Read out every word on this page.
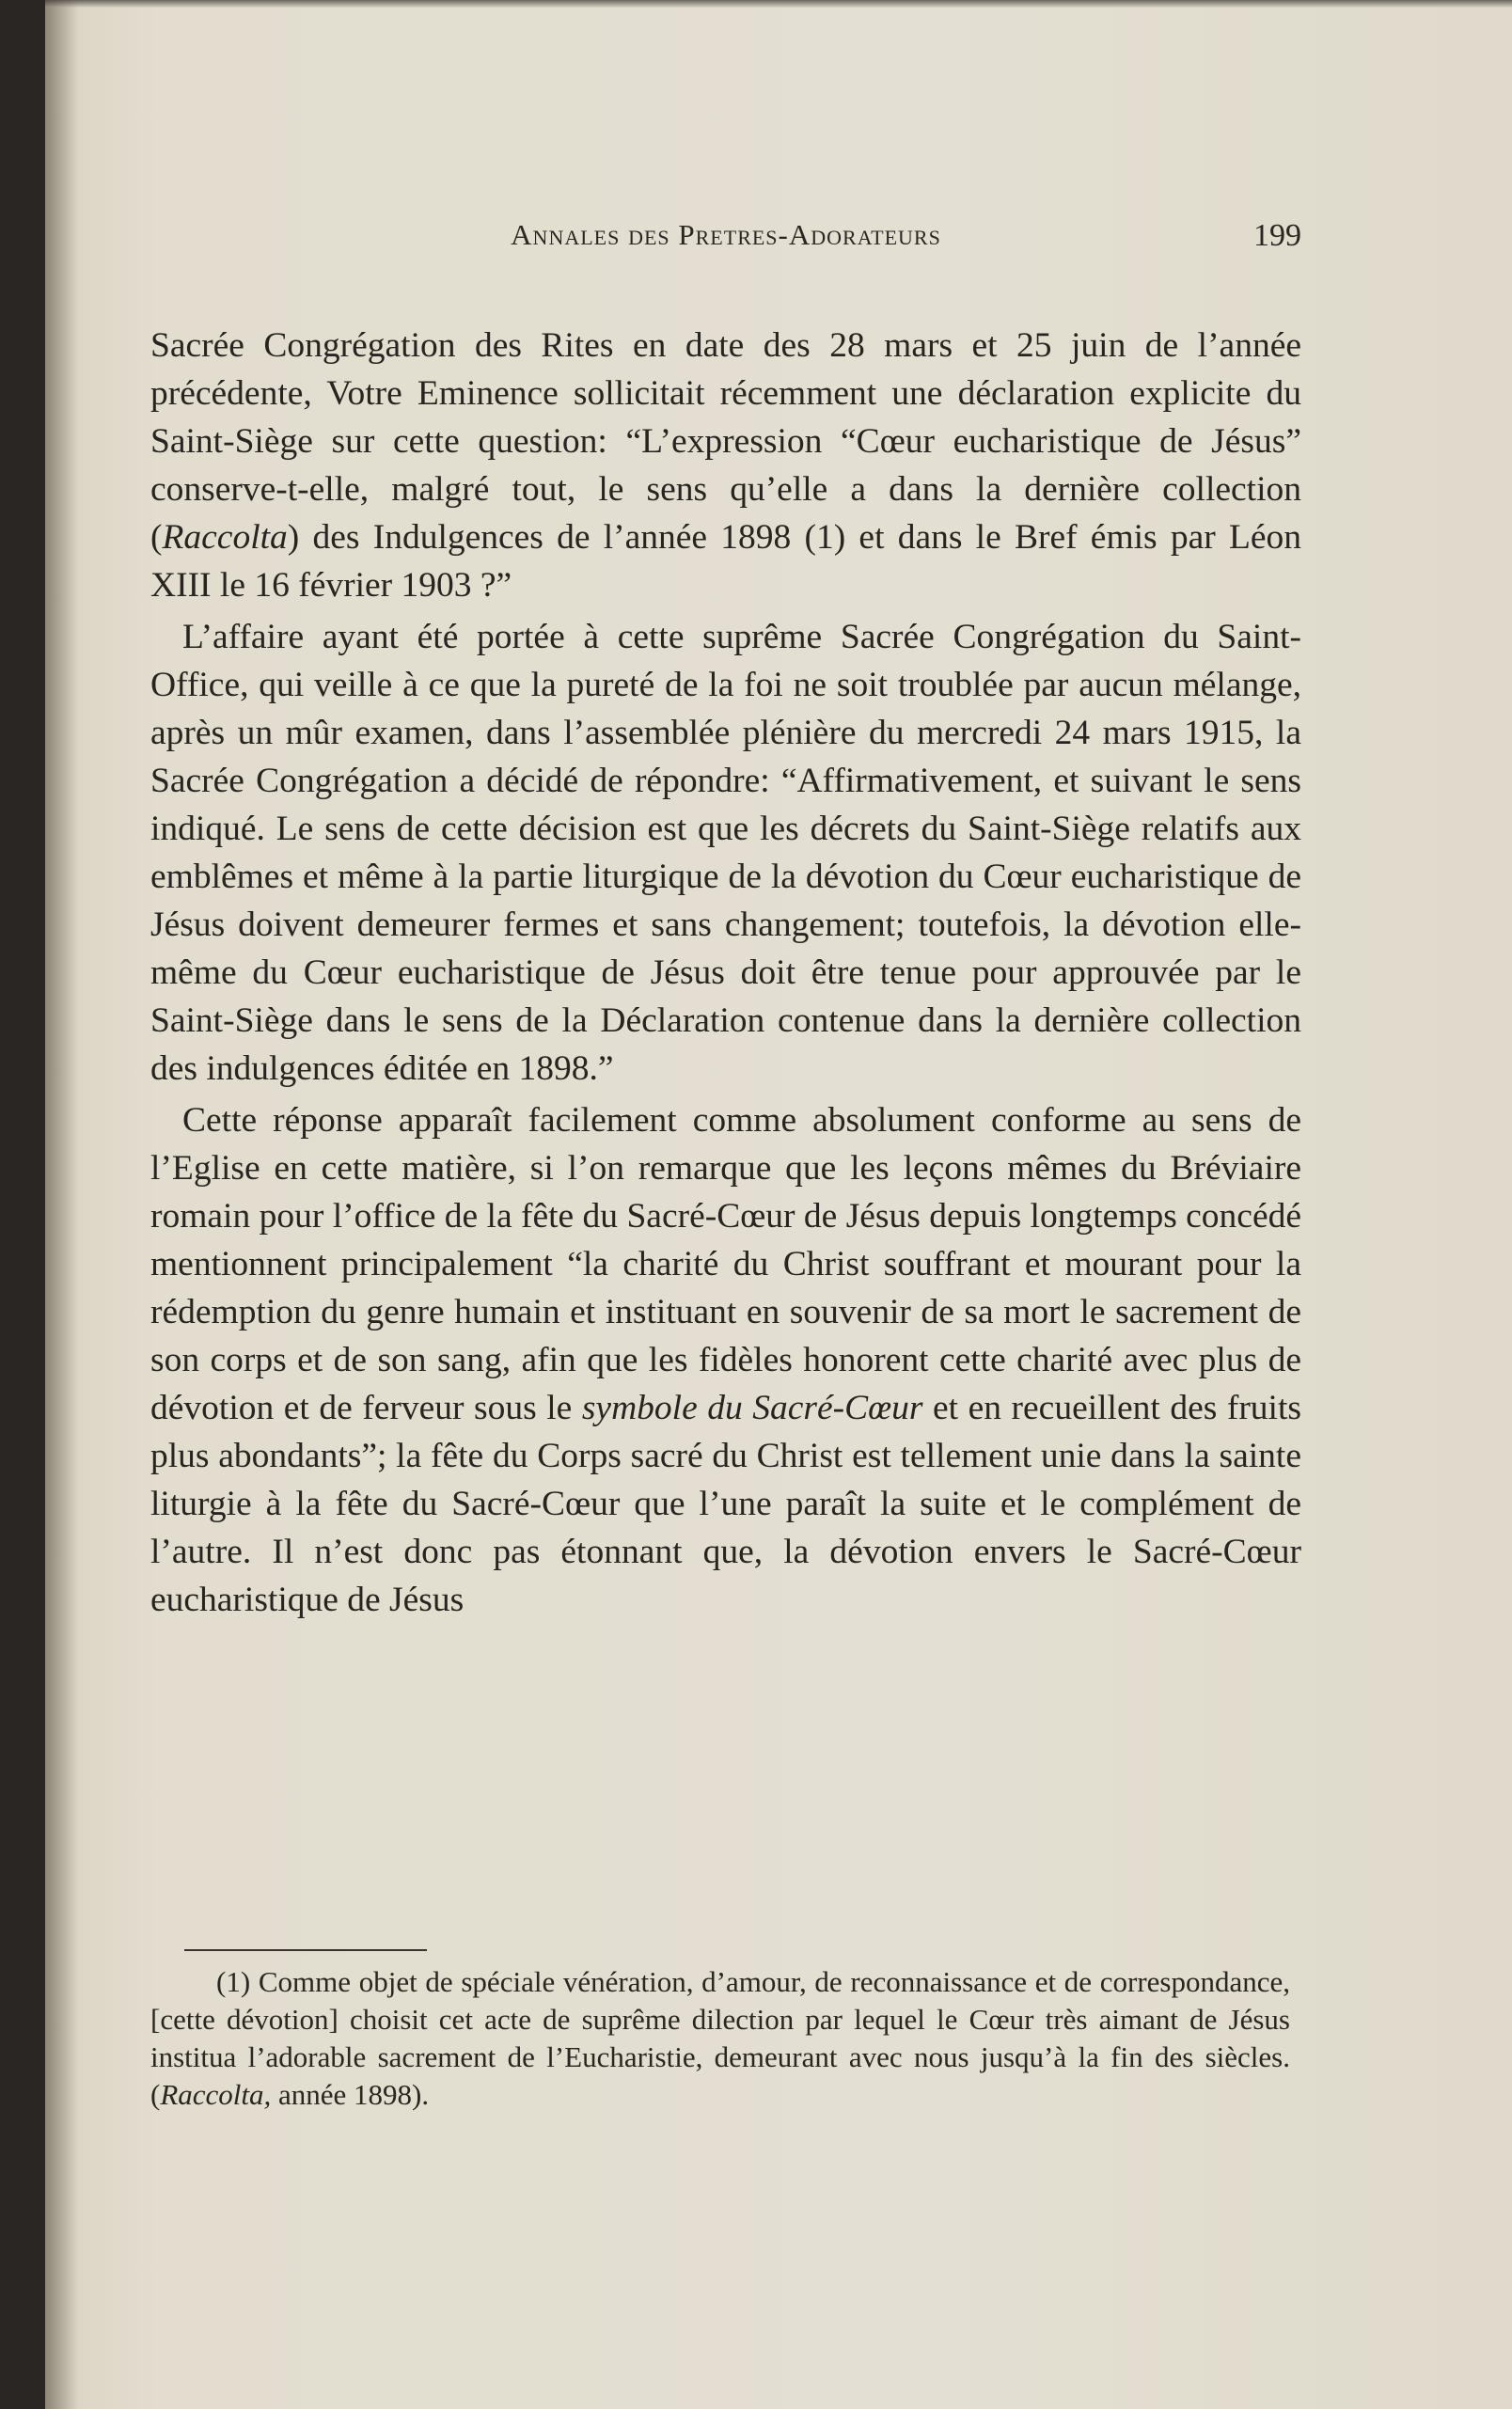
Annales des Pretres-Adorateurs	199

Sacrée Congrégation des Rites en date des 28 mars et 25 juin de l’année précédente, Votre Eminence sollicitait récemment une déclaration explicite du Saint-Siège sur cette question: “L’expression “Cœur eucharistique de Jésus” conserve-t-elle, malgré tout, le sens qu’elle a dans la dernière collection (Raccolta) des Indulgences de l’année 1898 (1) et dans le Bref émis par Léon XIII le 16 février 1903 ?”

L’affaire ayant été portée à cette suprême Sacrée Congrégation du Saint-Office, qui veille à ce que la pureté de la foi ne soit troublée par aucun mélange, après un mûr examen, dans l’assemblée plénière du mercredi 24 mars 1915, la Sacrée Congrégation a décidé de répondre: “Affirmativement, et suivant le sens indiqué. Le sens de cette décision est que les décrets du Saint-Siège relatifs aux emblêmes et même à la partie liturgique de la dévotion du Cœur eucharistique de Jésus doivent demeurer fermes et sans changement; toutefois, la dévotion elle-même du Cœur eucharistique de Jésus doit être tenue pour approuvée par le Saint-Siège dans le sens de la Déclaration contenue dans la dernière collection des indulgences éditée en 1898.”

Cette réponse apparaît facilement comme absolument conforme au sens de l’Eglise en cette matière, si l’on remarque que les leçons mêmes du Bréviaire romain pour l’office de la fête du Sacré-Cœur de Jésus depuis longtemps concédé mentionnent principalement “la charité du Christ souffrant et mourant pour la rédemption du genre humain et instituant en souvenir de sa mort le sacrement de son corps et de son sang, afin que les fidèles honorent cette charité avec plus de dévotion et de ferveur sous le symbole du Sacré-Cœur et en recueillent des fruits plus abondants”; la fête du Corps sacré du Christ est tellement unie dans la sainte liturgie à la fête du Sacré-Cœur que l’une paraît la suite et le complément de l’autre. Il n’est donc pas étonnant que, la dévotion envers le Sacré-Cœur eucharistique de Jésus

(1) Comme objet de spéciale vénération, d’amour, de reconnaissance et de correspondance, [cette dévotion] choisit cet acte de suprême dilection par lequel le Cœur très aimant de Jésus institua l’adorable sacrement de l’Eucharistie, demeurant avec nous jusqu’à la fin des siècles. (Raccolta, année 1898).
